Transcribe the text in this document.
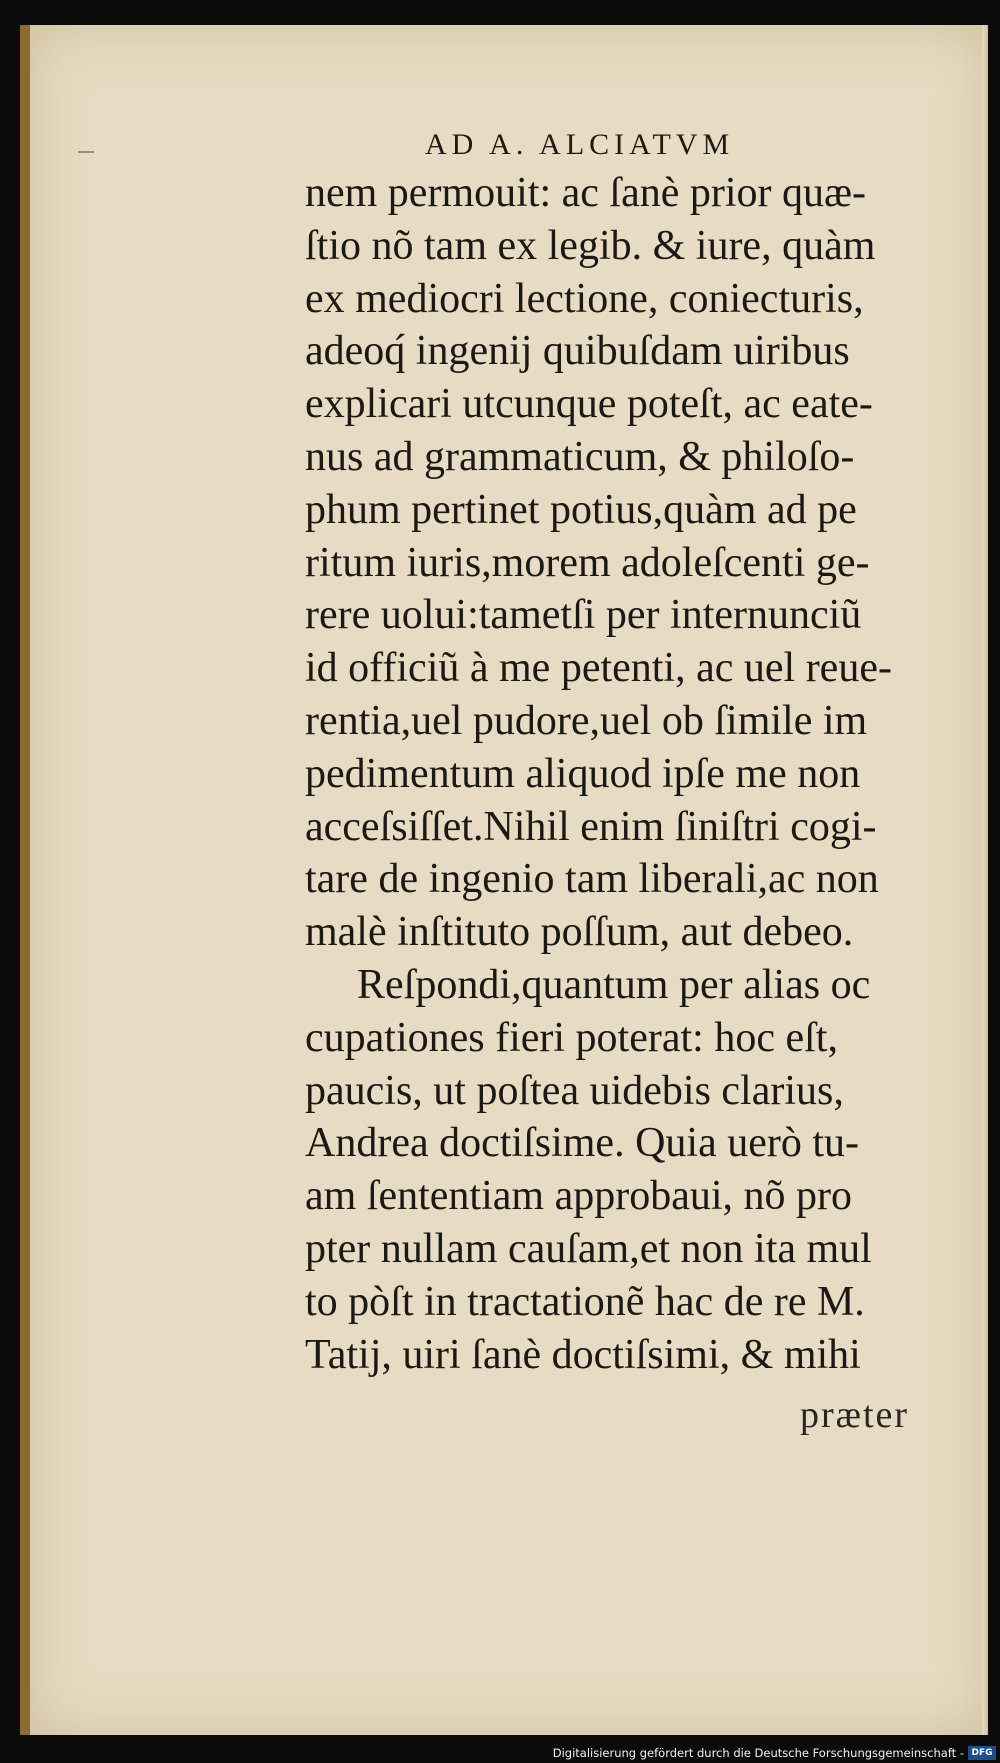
AD A. ALCIATVM
nem permouit: ac ſanè prior quæ-
ſtio nõ tam ex legib. & iure, quàm
ex mediocri lectione, coniecturis,
adeoq́ ingenij quibuſdam uiribus
explicari utcunque poteſt, ac eate-
nus ad grammaticum, & philoſo-
phum pertinet potius,quàm ad pe
ritum iuris,morem adoleſcenti ge-
rere uolui:tametſi per internunciũ
id officiũ à me petenti, ac uel reue-
rentia,uel pudore,uel ob ſimile im
pedimentum aliquod ipſe me non
acceſsiſſet.Nihil enim ſiniſtri cogi-
tare de ingenio tam liberali,ac non
malè inſtituto poſſum, aut debeo.
Reſpondi,quantum per alias oc
cupationes fieri poterat: hoc eſt,
paucis, ut poſtea uidebis clarius,
Andrea doctiſsime. Quia uerò tu-
am ſententiam approbaui, nõ pro
pter nullam cauſam,et non ita mul
to pòſt in tractationẽ hac de re M.
Tatij, uiri ſanè doctiſsimi, & mihi
præter
Digitalisierung gefördert durch die Deutsche Forschungsgemeinschaft - DFG
